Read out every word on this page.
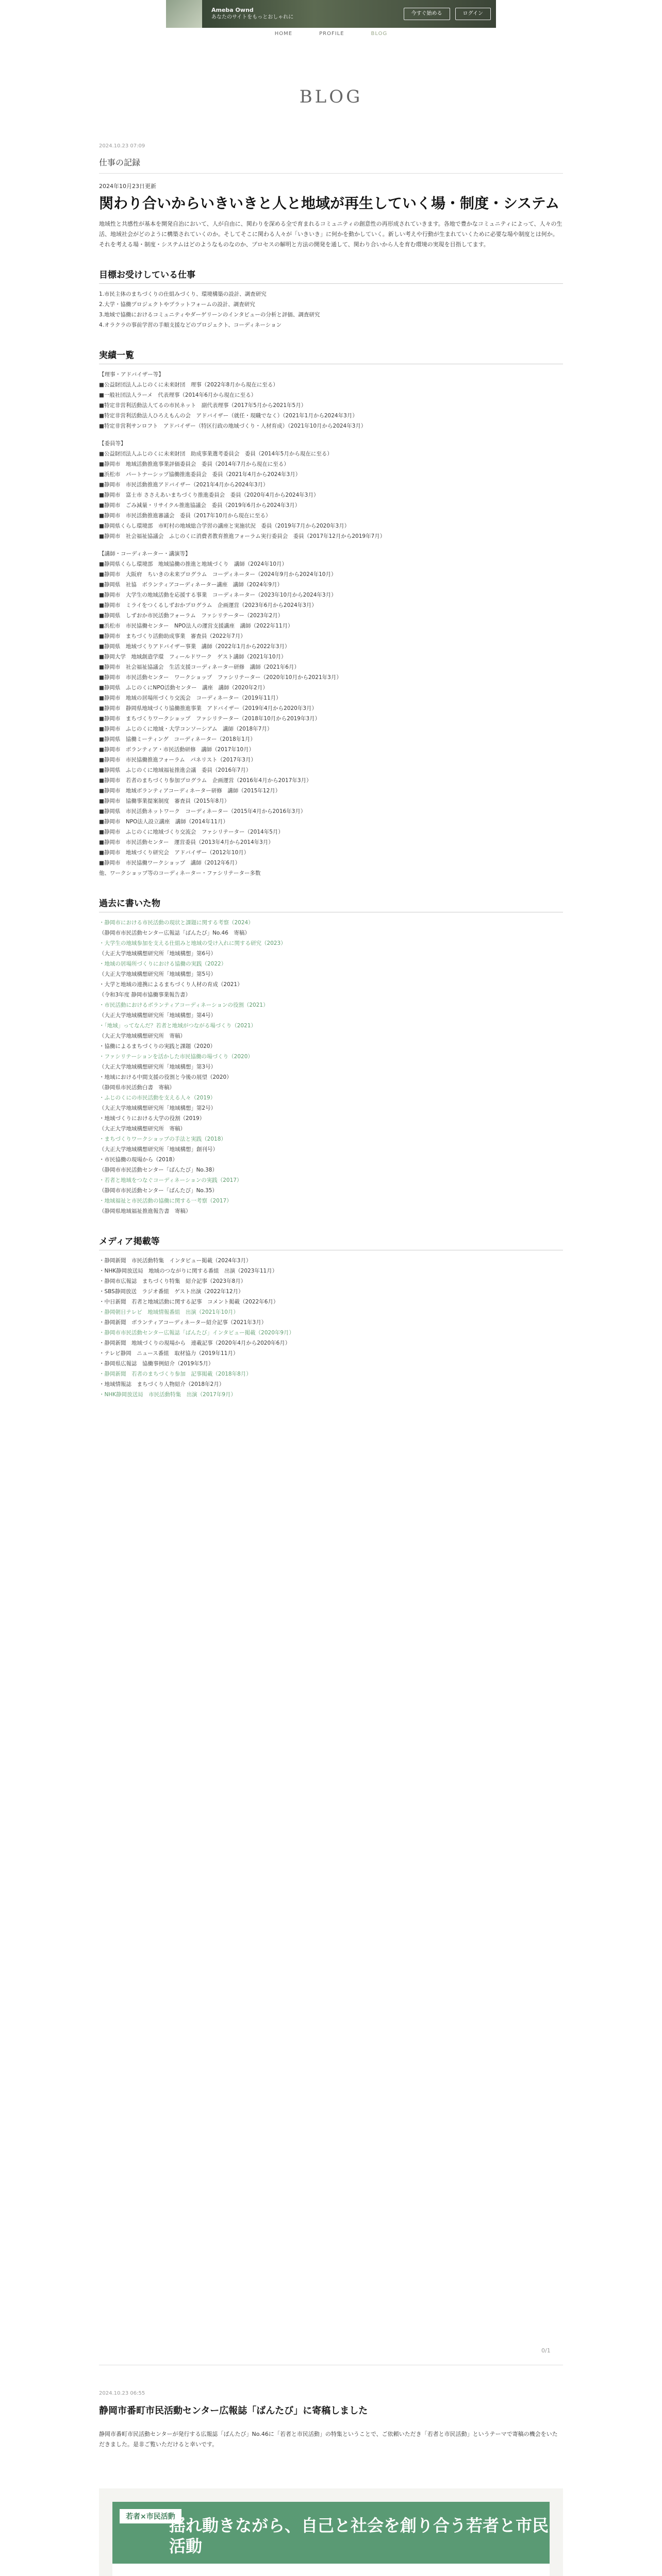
Ameba Ownd
あなたのサイトをもっとおしゃれに
今すぐ始める	ログイン
HOME	PROFILE	BLOG
BLOG
2024.10.23 07:09
仕事の記録
2024年10月23日更新
関わり合いからいきいきと人と地域が再生していく場・制度・システム
地域性と共感性が基本を開発自治において、人が自由に、関わりを深める全で育まれるコミュニティの創意性の再形成されていきます。各地で豊かなコミュニティによって、人々の生活、地域社会がどのように構築されていくのか。そしてそこに関わる人々が「いきいき」に何かを動かしていく。新しい考えや行動が生まれていくために必要な場や制度とは何か。それを考える場・制度・システムはどのようなものなのか、プロセスの解明と方法の開発を通して、関わり合いから人を育む環境の実現を目指してます。
目標お受けしている仕事
1.市民主体のまちづくりの仕組みづくり、環境構築の設計、調査研究
2.大学・協働プロジェクトやプラットフォームの設計、調査研究
3.地域で協働におけるコミュニティやダーゲリーンのインタビューの分析と評価、調査研究
4.オラクラの事前学習の手順支援などのプロジェクト、コーディネーション
実績一覧
【理事・アドバイザー等】
■公益財団法人ふじのくに未来財団　理事（2022年8月から現在に至る）
■一般社団法人ラーメ　代表理事（2014年6月から現在に至る）
■特定非営利活動法人てるの市民ネット　副代表理事（2017年5月から2021年5月）
■特定非営利活動法人ひろえもんの会　アドバイザー（就任・現職でなく）（2021年1月から2024年3月）
■特定非営利サンロフト　アドバイザー（特区行政の地域づくり・人材育成）（2021年10月から2024年3月）
【委員等】
■公益財団法人ふじのくに未来財団　助成事業選考委員会　委員（2014年5月から現在に至る）
■静岡市　地域活動推進事業評価委員会　委員（2014年7月から現在に至る）
■浜松市　パートナーシップ協働推進委員会　委員（2021年4月から2024年3月）
■静岡市　市民活動推進アドバイザー（2021年4月から2024年3月）
■静岡市　富士市 ささえあいまちづくり推進委員会　委員（2020年4月から2024年3月）
■静岡市　ごみ減量・リサイクル推進協議会　委員（2019年6月から2024年3月）
■静岡市　市民活動推進審議会　委員（2017年10月から現在に至る）
■静岡県くらし環境部　市町村の地域総合学習の講座と実施状況　委員（2019年7月から2020年3月）
■静岡市　社会福祉協議会　ふじのくに消費者教育推進フォーラム実行委員会　委員（2017年12月から2019年7月）
【講師・コーディネーター・講演等】
■静岡県くらし環境部　地域協働の推進と地域づくり　講師（2024年10月）
■静岡市　大阪府　ちいきの未来プログラム　コーディネーター（2024年9月から2024年10月）
■静岡県　社協　ボランティアコーディネーター講座　講師（2024年9月）
■静岡市　大学生の地域活動を応援する事業　コーディネーター（2023年10月から2024年3月）
■静岡市　ミライをつくるしずおかプログラム　企画運営（2023年6月から2024年3月）
■静岡県　しずおか市民活動フォーラム　ファシリテーター（2023年2月）
■浜松市　市民協働センター　NPO法人の運営支援講座　講師（2022年11月）
■静岡市　まちづくり活動助成事業　審査員（2022年7月）
■静岡県　地域づくりアドバイザー事業　講師（2022年1月から2022年3月）
■静岡大学　地域創造学環　フィールドワーク　ゲスト講師（2021年10月）
■静岡市　社会福祉協議会　生活支援コーディネーター研修　講師（2021年6月）
■静岡市　市民活動センター　ワークショップ　ファシリテーター（2020年10月から2021年3月）
■静岡県　ふじのくにNPO活動センター　講座　講師（2020年2月）
■静岡市　地域の居場所づくり交流会　コーディネーター（2019年11月）
■静岡市　静岡県地域づくり協働推進事業　アドバイザー（2019年4月から2020年3月）
■静岡市　まちづくりワークショップ　ファシリテーター（2018年10月から2019年3月）
■静岡市　ふじのくに地域・大学コンソーシアム　講師（2018年7月）
■静岡県　協働ミーティング　コーディネーター（2018年1月）
■静岡市　ボランティア・市民活動研修　講師（2017年10月）
■静岡市　市民協働推進フォーラム　パネリスト（2017年3月）
■静岡県　ふじのくに地域福祉推進会議　委員（2016年7月）
■静岡市　若者のまちづくり参加プログラム　企画運営（2016年4月から2017年3月）
■静岡市　地域ボランティアコーディネーター研修　講師（2015年12月）
■静岡市　協働事業提案制度　審査員（2015年8月）
■静岡県　市民活動ネットワーク　コーディネーター（2015年4月から2016年3月）
■静岡市　NPO法人設立講座　講師（2014年11月）
■静岡市　ふじのくに地域づくり交流会　ファシリテーター（2014年5月）
■静岡市　市民活動センター　運営委員（2013年4月から2014年3月）
■静岡市　地域づくり研究会　アドバイザー（2012年10月）
■静岡市　市民協働ワークショップ　講師（2012年6月）
他、ワークショップ等のコーディネーター・ファシリテーター多数
過去に書いた物
・静岡市における市民活動の現状と課題に関する考察（2024）
（静岡市市民活動センター広報誌「ばんたび」No.46　寄稿）
・大学生の地域参加を支える仕組みと地域の受け入れに関する研究（2023）
（大正大学地域構想研究所「地域構想」第6号）
・地域の居場所づくりにおける協働の実践（2022）
（大正大学地域構想研究所「地域構想」第5号）
・大学と地域の連携によるまちづくり人材の育成（2021）
（令和3年度 静岡市協働事業報告書）
・市民活動におけるボランティアコーディネーションの役割（2021）
（大正大学地域構想研究所「地域構想」第4号）
・「地域」ってなんだ？若者と地域がつながる場づくり（2021）
（大正大学地域構想研究所　寄稿）
・協働によるまちづくりの実践と課題（2020）
・ファシリテーションを活かした市民協働の場づくり（2020）
（大正大学地域構想研究所「地域構想」第3号）
・地域における中間支援の役割と今後の展望（2020）
（静岡県市民活動白書　寄稿）
・ふじのくにの市民活動を支える人々（2019）
（大正大学地域構想研究所「地域構想」第2号）
・地域づくりにおける大学の役割（2019）
（大正大学地域構想研究所　寄稿）
・まちづくりワークショップの手法と実践（2018）
（大正大学地域構想研究所「地域構想」創刊号）
・市民協働の現場から（2018）
（静岡市市民活動センター「ばんたび」No.38）
・若者と地域をつなぐコーディネーションの実践（2017）
（静岡市市民活動センター「ばんたび」No.35）
・地域福祉と市民活動の協働に関する一考察（2017）
（静岡県地域福祉推進報告書　寄稿）
メディア掲載等
・静岡新聞　市民活動特集　インタビュー掲載（2024年3月）
・NHK静岡放送局　地域のつながりに関する番組　出演（2023年11月）
・静岡市広報誌　まちづくり特集　紹介記事（2023年8月）
・SBS静岡放送　ラジオ番組　ゲスト出演（2022年12月）
・中日新聞　若者と地域活動に関する記事　コメント掲載（2022年6月）
・静岡朝日テレビ　地域情報番組　出演（2021年10月）
・静岡新聞　ボランティアコーディネーター紹介記事（2021年3月）
・静岡市市民活動センター広報誌「ばんたび」インタビュー掲載（2020年9月）
・静岡新聞　地域づくりの現場から　連載記事（2020年4月から2020年6月）
・テレビ静岡　ニュース番組　取材協力（2019年11月）
・静岡県広報誌　協働事例紹介（2019年5月）
・静岡新聞　若者のまちづくり参加　記事掲載（2018年8月）
・地域情報誌　まちづくり人物紹介（2018年2月）
・NHK静岡放送局　市民活動特集　出演（2017年9月）
0/1
2024.10.23 06:55
静岡市番町市民活動センター広報誌「ばんたび」に寄稿しました
静岡市番町市民活動センターが発行する広報誌「ばんたび」No.46に「若者と市民活動」の特集ということで、ご依頼いただき「若者と市民活動」というテーマで寄稿の機会をいただきました。是非ご覧いただけると幸いです。
若者×市民活動
揺れ動きながら、自己と社会を創り合う若者と市民活動
